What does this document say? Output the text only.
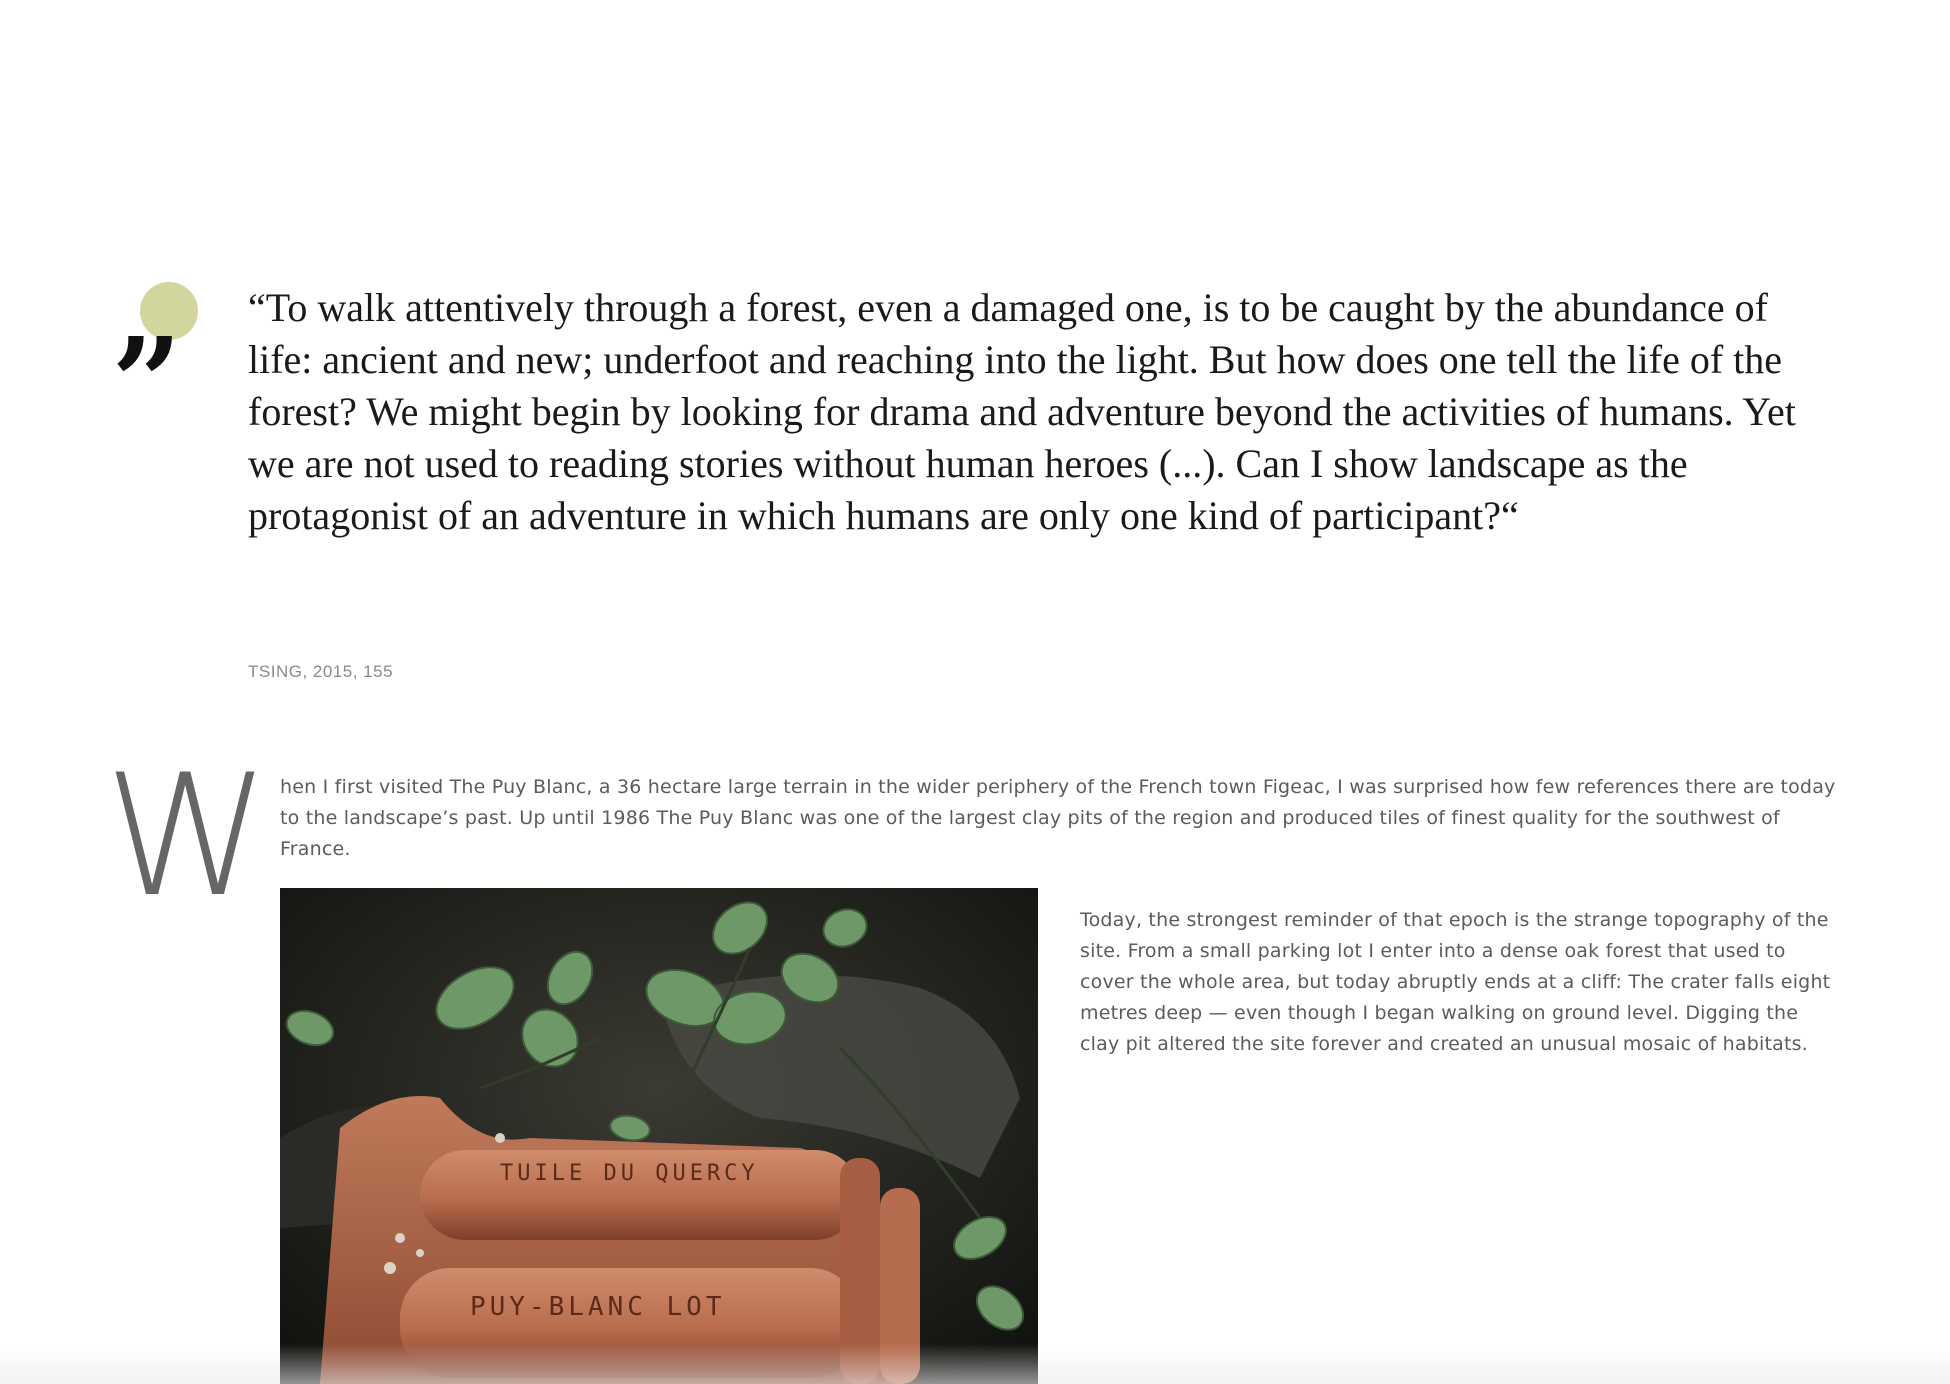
,, “To walk attentively through a forest, even a damaged one, is to be caught by the abundance of life: ancient and new; underfoot and reaching into the light. But how does one tell the life of the forest? We might begin by looking for drama and adventure beyond the activities of humans. Yet we are not used to reading stories without human heroes (...). Can I show landscape as the protagonist of an adventure in which humans are only one kind of participant?“

TSING, 2015, 155

W hen I first visited The Puy Blanc, a 36 hectare large terrain in the wider periphery of the French town Figeac, I was surprised how few references there are today to the landscape’s past. Up until 1986 The Puy Blanc was one of the largest clay pits of the region and produced tiles of finest quality for the southwest of France.

TUILE DU QUERCY
PUY-BLANC LOT

Today, the strongest reminder of that epoch is the strange topography of the site. From a small parking lot I enter into a dense oak forest that used to cover the whole area, but today abruptly ends at a cliff: The crater falls eight metres deep — even though I began walking on ground level. Digging the clay pit altered the site forever and created an unusual mosaic of habitats.
